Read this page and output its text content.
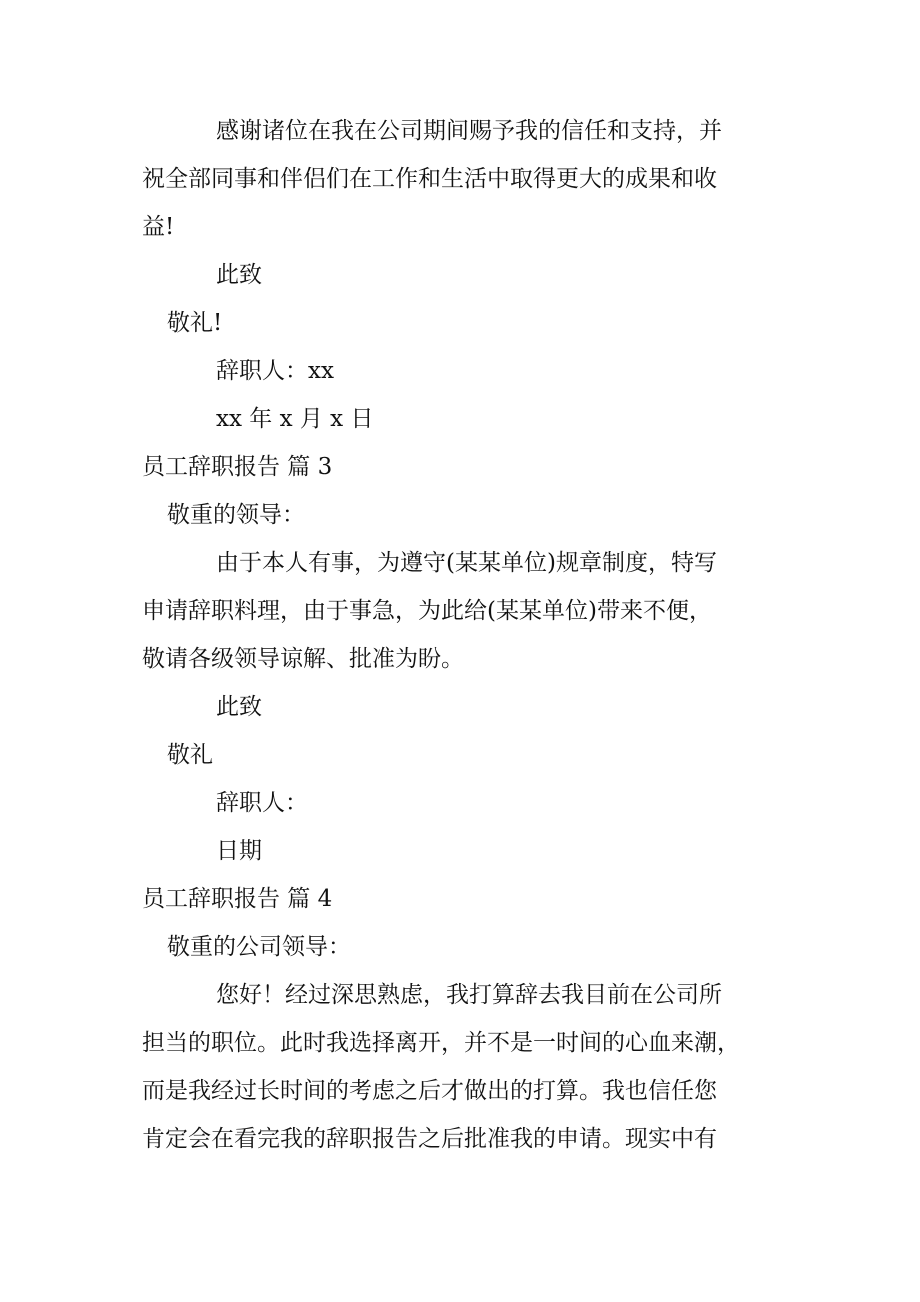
感谢诸位在我在公司期间赐予我的信任和支持，并
祝全部同事和伴侣们在工作和生活中取得更大的成果和收
益!

此致

敬礼!

辞职人：xx

xx 年 x 月 x 日

员工辞职报告 篇 3

敬重的领导：

由于本人有事，为遵守(某某单位)规章制度，特写
申请辞职料理，由于事急，为此给(某某单位)带来不便，
敬请各级领导谅解、批准为盼。

此致

敬礼

辞职人：

日期

员工辞职报告 篇 4

敬重的公司领导：

您好！经过深思熟虑，我打算辞去我目前在公司所
担当的职位。此时我选择离开，并不是一时间的心血来潮，
而是我经过长时间的考虑之后才做出的打算。我也信任您
肯定会在看完我的辞职报告之后批准我的申请。现实中有
